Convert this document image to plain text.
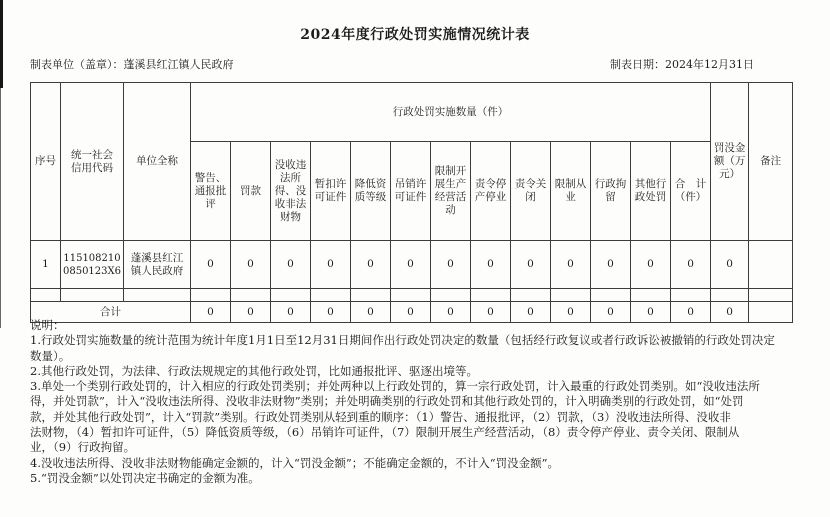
2024年度行政处罚实施情况统计表
制表单位（盖章）：蓬溪县红江镇人民政府	制表日期：2024年12月31日
序号	统一社会信用代码	单位全称	行政处罚实施数量（件）													罚没金额（万元）	备注
			警告、通报批评	罚款	没收违法所得、没收非法财物	暂扣许可证件	降低资质等级	吊销许可证件	限制开展生产经营活动	责令停产停业	责令关闭	限制从业	行政拘留	其他行政处罚	合　计（件）		
1	1151082100850123X6	蓬溪县红江镇人民政府	0	0	0	0	0	0	0	0	0	0	0	0	0	0	

合计			0	0	0	0	0	0	0	0	0	0	0	0	0	0	
说明：
1.行政处罚实施数量的统计范围为统计年度1月1日至12月31日期间作出行政处罚决定的数量（包括经行政复议或者行政诉讼被撤销的行政处罚决定
数量）。
2.其他行政处罚，为法律、行政法规规定的其他行政处罚，比如通报批评、驱逐出境等。
3.单处一个类别行政处罚的，计入相应的行政处罚类别；并处两种以上行政处罚的，算一宗行政处罚，计入最重的行政处罚类别。如“没收违法所
得，并处罚款”，计入“没收违法所得、没收非法财物”类别；并处明确类别的行政处罚和其他行政处罚的，计入明确类别的行政处罚，如“处罚
款，并处其他行政处罚”，计入“罚款”类别。行政处罚类别从轻到重的顺序：（1）警告、通报批评，（2）罚款，（3）没收违法所得、没收非
法财物，（4）暂扣许可证件，（5）降低资质等级，（6）吊销许可证件，（7）限制开展生产经营活动，（8）责令停产停业、责令关闭、限制从
业，（9）行政拘留。
4.没收违法所得、没收非法财物能确定金额的，计入“罚没金额”；不能确定金额的，不计入“罚没金额”。
5.“罚没金额”以处罚决定书确定的金额为准。
